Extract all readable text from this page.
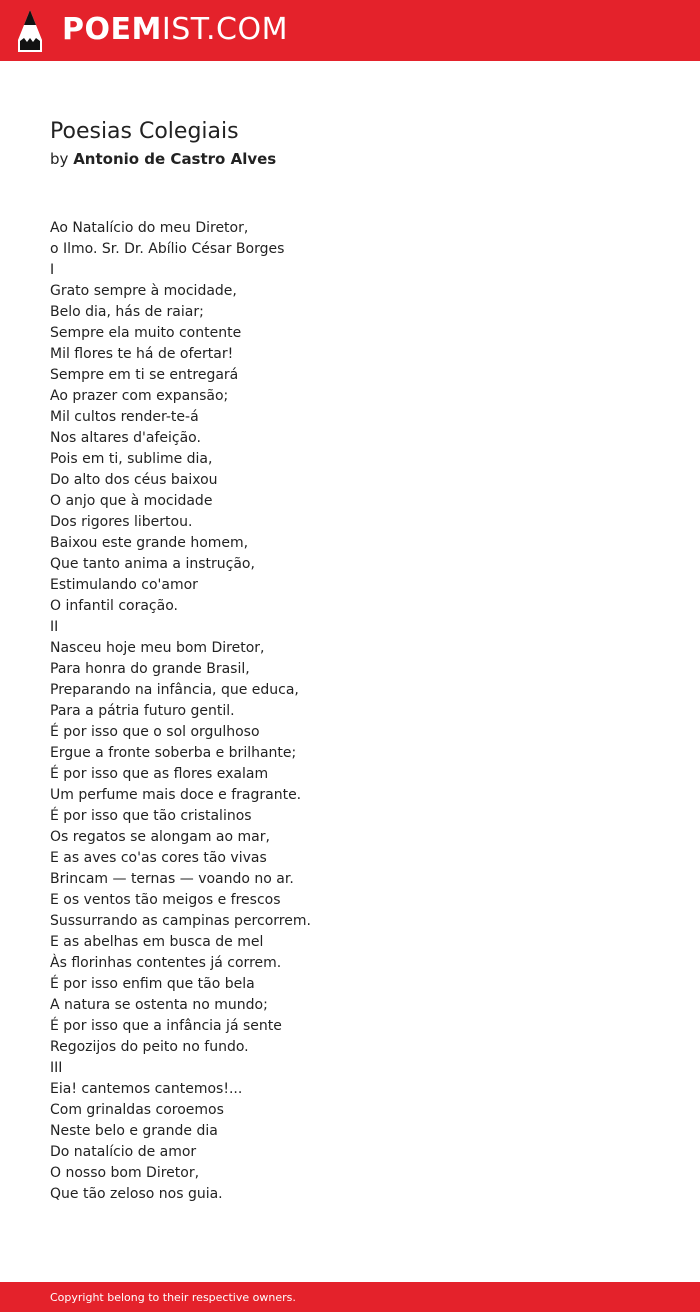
POEMIST.COM
Poesias Colegiais
by Antonio de Castro Alves
Ao Natalício do meu Diretor,
o Ilmo. Sr. Dr. Abílio César Borges
I
Grato sempre à mocidade,
Belo dia, hás de raiar;
Sempre ela muito contente
Mil flores te há de ofertar!
Sempre em ti se entregará
Ao prazer com expansão;
Mil cultos render-te-á
Nos altares d'afeição.
Pois em ti, sublime dia,
Do alto dos céus baixou
O anjo que à mocidade
Dos rigores libertou.
Baixou este grande homem,
Que tanto anima a instrução,
Estimulando co'amor
O infantil coração.
II
Nasceu hoje meu bom Diretor,
Para honra do grande Brasil,
Preparando na infância, que educa,
Para a pátria futuro gentil.
É por isso que o sol orgulhoso
Ergue a fronte soberba e brilhante;
É por isso que as flores exalam
Um perfume mais doce e fragrante.
É por isso que tão cristalinos
Os regatos se alongam ao mar,
E as aves co'as cores tão vivas
Brincam — ternas — voando no ar.
E os ventos tão meigos e frescos
Sussurrando as campinas percorrem.
E as abelhas em busca de mel
Às florinhas contentes já correm.
É por isso enfim que tão bela
A natura se ostenta no mundo;
É por isso que a infância já sente
Regozijos do peito no fundo.
III
Eia! cantemos cantemos!...
Com grinaldas coroemos
Neste belo e grande dia
Do natalício de amor
O nosso bom Diretor,
Que tão zeloso nos guia.
Copyright belong to their respective owners.
